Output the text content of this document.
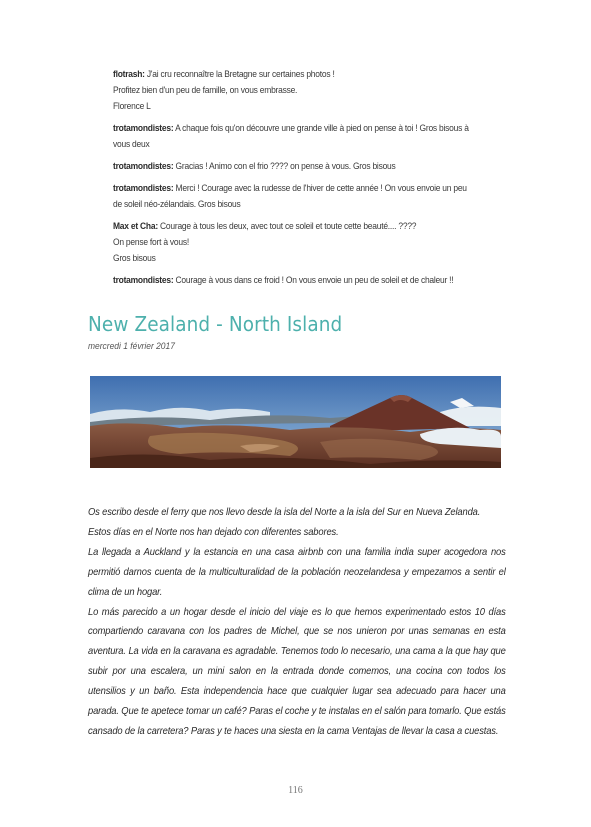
flotrash: J'ai cru reconnaître la Bretagne sur certaines photos !
Profitez bien d'un peu de famille, on vous embrasse.
Florence L
trotamondistes: A chaque fois qu'on découvre une grande ville à pied on pense à toi ! Gros bisous à vous deux
trotamondistes: Gracias ! Animo con el frio ???? on pense à vous. Gros bisous
trotamondistes: Merci ! Courage avec la rudesse de l'hiver de cette année ! On vous envoie un peu de soleil néo-zélandais. Gros bisous
Max et Cha: Courage à tous les deux, avec tout ce soleil et toute cette beauté.... ????
On pense fort à vous!
Gros bisous
trotamondistes: Courage à vous dans ce froid ! On vous envoie un peu de soleil et de chaleur !!
New Zealand - North Island
mercredi 1 février 2017

Os escribo desde el ferry que nos llevo desde la isla del Norte a la isla del Sur en Nueva Zelanda.

Estos días en el Norte nos han dejado con diferentes sabores.

La llegada a Auckland y la estancia en una casa airbnb con una familia india super acogedora nos permitió darnos cuenta de la multiculturalidad de la población neozelandesa y empezamos a sentir el clima de un hogar.

Lo más parecido a un hogar desde el inicio del viaje es lo que hemos experimentado estos 10 días compartiendo caravana con los padres de Michel, que se nos unieron por unas semanas en esta aventura. La vida en la caravana es agradable. Tenemos todo lo necesario, una cama a la que hay que subir por una escalera, un mini salon en la entrada donde comemos, una cocina con todos los utensilios y un baño. Esta independencia hace que cualquier lugar sea adecuado para hacer una parada. Que te apetece tomar un café? Paras el coche y te instalas en el salón para tomarlo. Que estás cansado de la carretera? Paras y te haces una siesta en la cama Ventajas de llevar la casa a cuestas.

116
